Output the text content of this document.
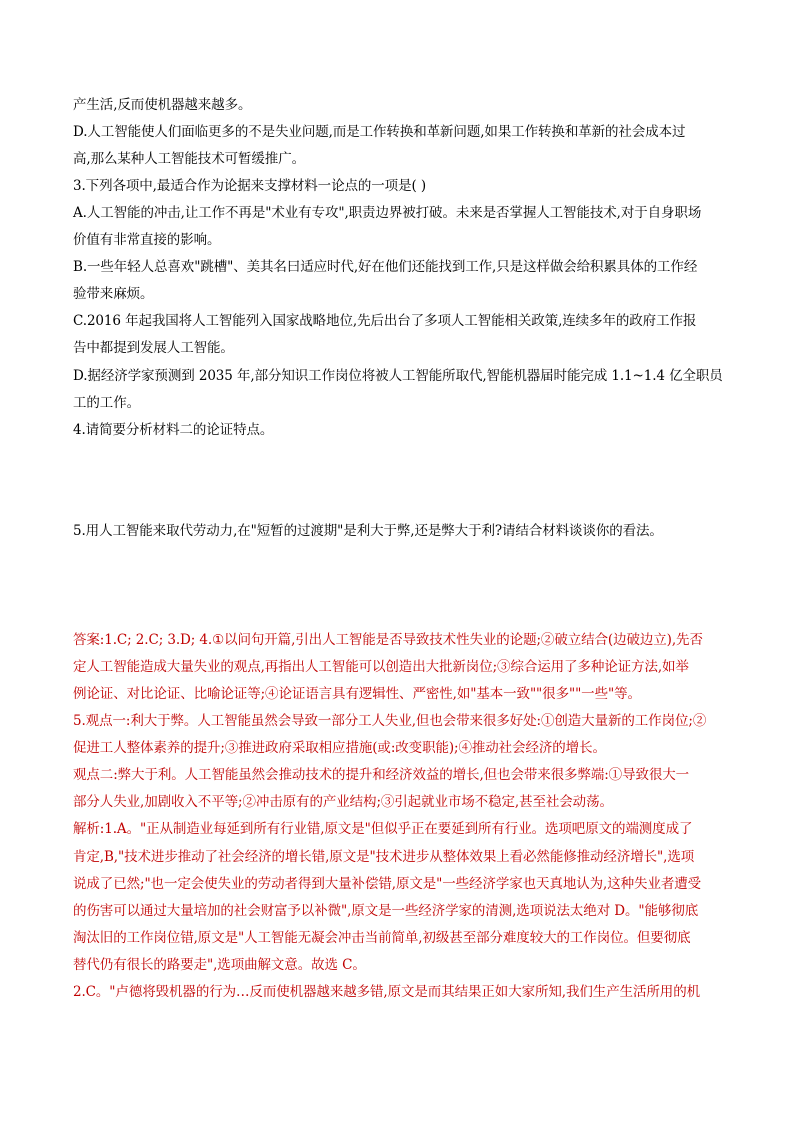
产生活,反而使机器越来越多。
D.人工智能使人们面临更多的不是失业问题,而是工作转换和革新问题,如果工作转换和革新的社会成本过
高,那么某种人工智能技术可暂缓推广。
3.下列各项中,最适合作为论据来支撑材料一论点的一项是( )
A.人工智能的冲击,让工作不再是"术业有专攻",职责边界被打破。未来是否掌握人工智能技术,对于自身职场
价值有非常直接的影响。
B.一些年轻人总喜欢"跳槽"、美其名曰适应时代,好在他们还能找到工作,只是这样做会给积累具体的工作经
验带来麻烦。
C.2016 年起我国将人工智能列入国家战略地位,先后出台了多项人工智能相关政策,连续多年的政府工作报
告中都提到发展人工智能。
D.据经济学家预测到 2035 年,部分知识工作岗位将被人工智能所取代,智能机器届时能完成 1.1~1.4 亿全职员
工的工作。
4.请简要分析材料二的论证特点。
5.用人工智能来取代劳动力,在"短暂的过渡期"是利大于弊,还是弊大于利?请结合材料谈谈你的看法。
答案:1.C; 2.C; 3.D; 4.①以问句开篇,引出人工智能是否导致技术性失业的论题;②破立结合(边破边立),先否
定人工智能造成大量失业的观点,再指出人工智能可以创造出大批新岗位;③综合运用了多种论证方法,如举
例论证、对比论证、比喻论证等;④论证语言具有逻辑性、严密性,如"基本一致""很多""一些"等。
5.观点一:利大于弊。人工智能虽然会导致一部分工人失业,但也会带来很多好处:①创造大量新的工作岗位;②
促进工人整体素养的提升;③推进政府采取相应措施(或:改变职能);④推动社会经济的增长。
观点二:弊大于利。人工智能虽然会推动技术的提升和经济效益的增长,但也会带来很多弊端:①导致很大一
部分人失业,加剧收入不平等;②冲击原有的产业结构;③引起就业市场不稳定,甚至社会动荡。
解析:1.A。"正从制造业每延到所有行业错,原文是"但似乎正在要延到所有行业。选项吧原文的端测度成了
肯定,B,"技术进步推动了社会经济的增长错,原文是"技术进步从整体效果上看必然能修推动经济增长",选项
说成了已然;"也一定会使失业的劳动者得到大量补偿错,原文是"一些经济学家也天真地认为,这种失业者遭受
的伤害可以通过大量培加的社会财富予以补微",原文是一些经济学家的清测,选项说法太绝对 D。"能够彻底
淘汰旧的工作岗位错,原文是"人工智能无凝会冲击当前简单,初级甚至部分难度较大的工作岗位。但要彻底
替代仍有很长的路要走",选项曲解文意。故选 C。
2.C。"卢德将毁机器的行为…反而使机器越来越多错,原文是而其结果正如大家所知,我们生产生活所用的机
